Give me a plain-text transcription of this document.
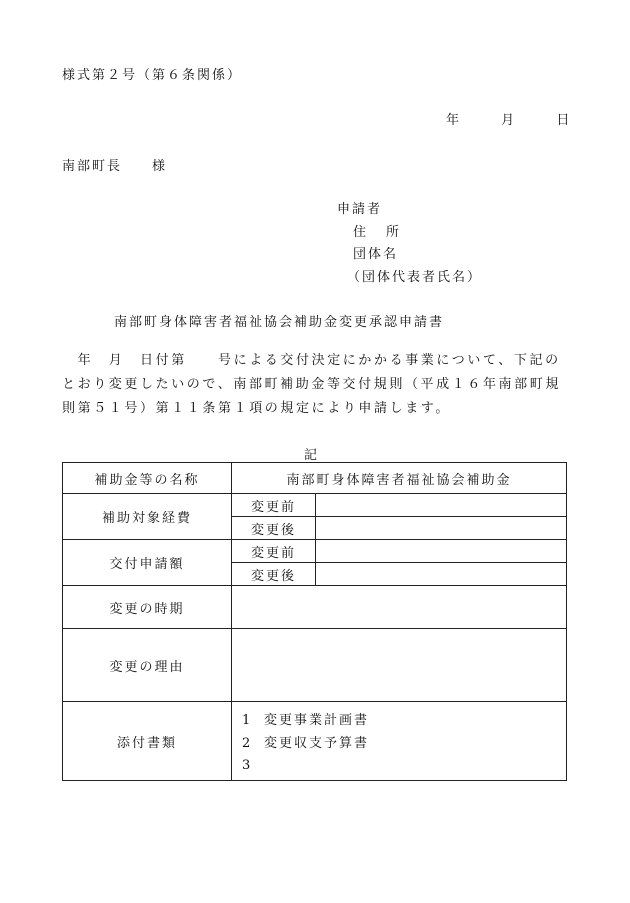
様式第２号（第６条関係）
年	月	日
南部町長 様
申請者
住 所
団体名
（団体代表者氏名）
南部町身体障害者福祉協会補助金変更承認申請書
　年　月　日付第　　号による交付決定にかかる事業について、下記のとおり変更したいので、南部町補助金等交付規則（平成１６年南部町規則第５１号）第１１条第１項の規定により申請します。
記
補助金等の名称	南部町身体障害者福祉協会補助金	
補助対象経費	変更前	
	変更後	
交付申請額	変更前	
	変更後	
変更の時期		
変更の理由		
添付書類	1 変更事業計画書
2 変更収支予算書
3	
